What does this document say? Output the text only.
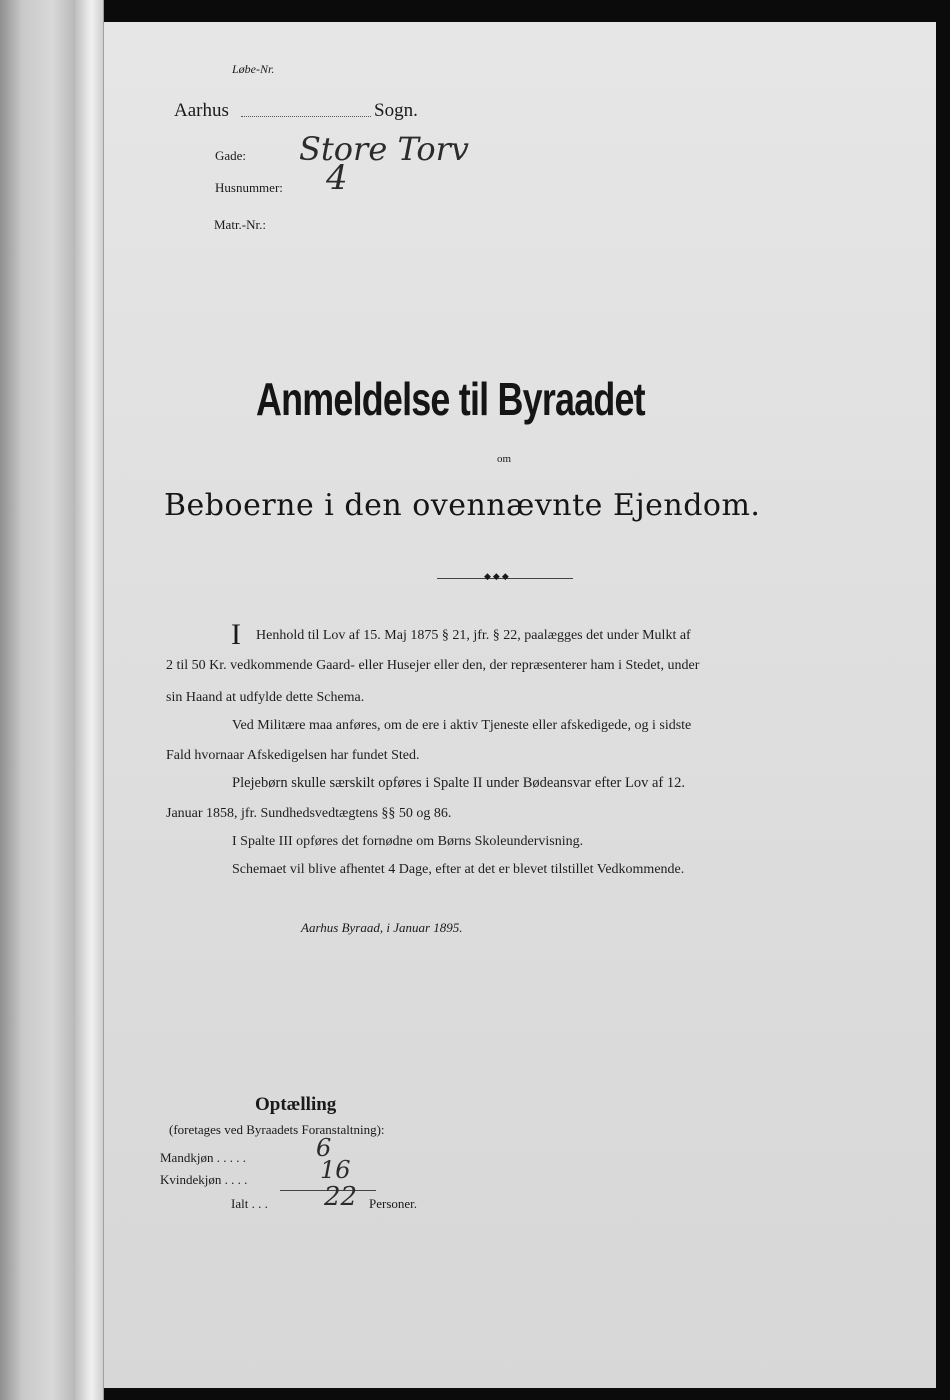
Løbe-Nr.
Aarhus	Sogn.
Gade: Store Torv
Husnummer: 4
Matr.-Nr.:
Anmeldelse til Byraadet
om
Beboerne i den ovennævnte Ejendom.
◆◆◆
I Henhold til Lov af 15. Maj 1875 § 21, jfr. § 22, paalægges det under Mulkt af
2 til 50 Kr. vedkommende Gaard- eller Husejer eller den, der repræsenterer ham i Stedet, under
sin Haand at udfylde dette Schema.
Ved Militære maa anføres, om de ere i aktiv Tjeneste eller afskedigede, og i sidste
Fald hvornaar Afskedigelsen har fundet Sted.
Plejebørn skulle særskilt opføres i Spalte II under Bødeansvar efter Lov af 12.
Januar 1858, jfr. Sundhedsvedtægtens §§ 50 og 86.
I Spalte III opføres det fornødne om Børns Skoleundervisning.
Schemaet vil blive afhentet 4 Dage, efter at det er blevet tilstillet Vedkommende.
Aarhus Byraad, i Januar 1895.
Optælling
(foretages ved Byraadets Foranstaltning):
Mandkjøn . . . . .	6
Kvindekjøn . . . .	16
Ialt . . . 22 Personer.
